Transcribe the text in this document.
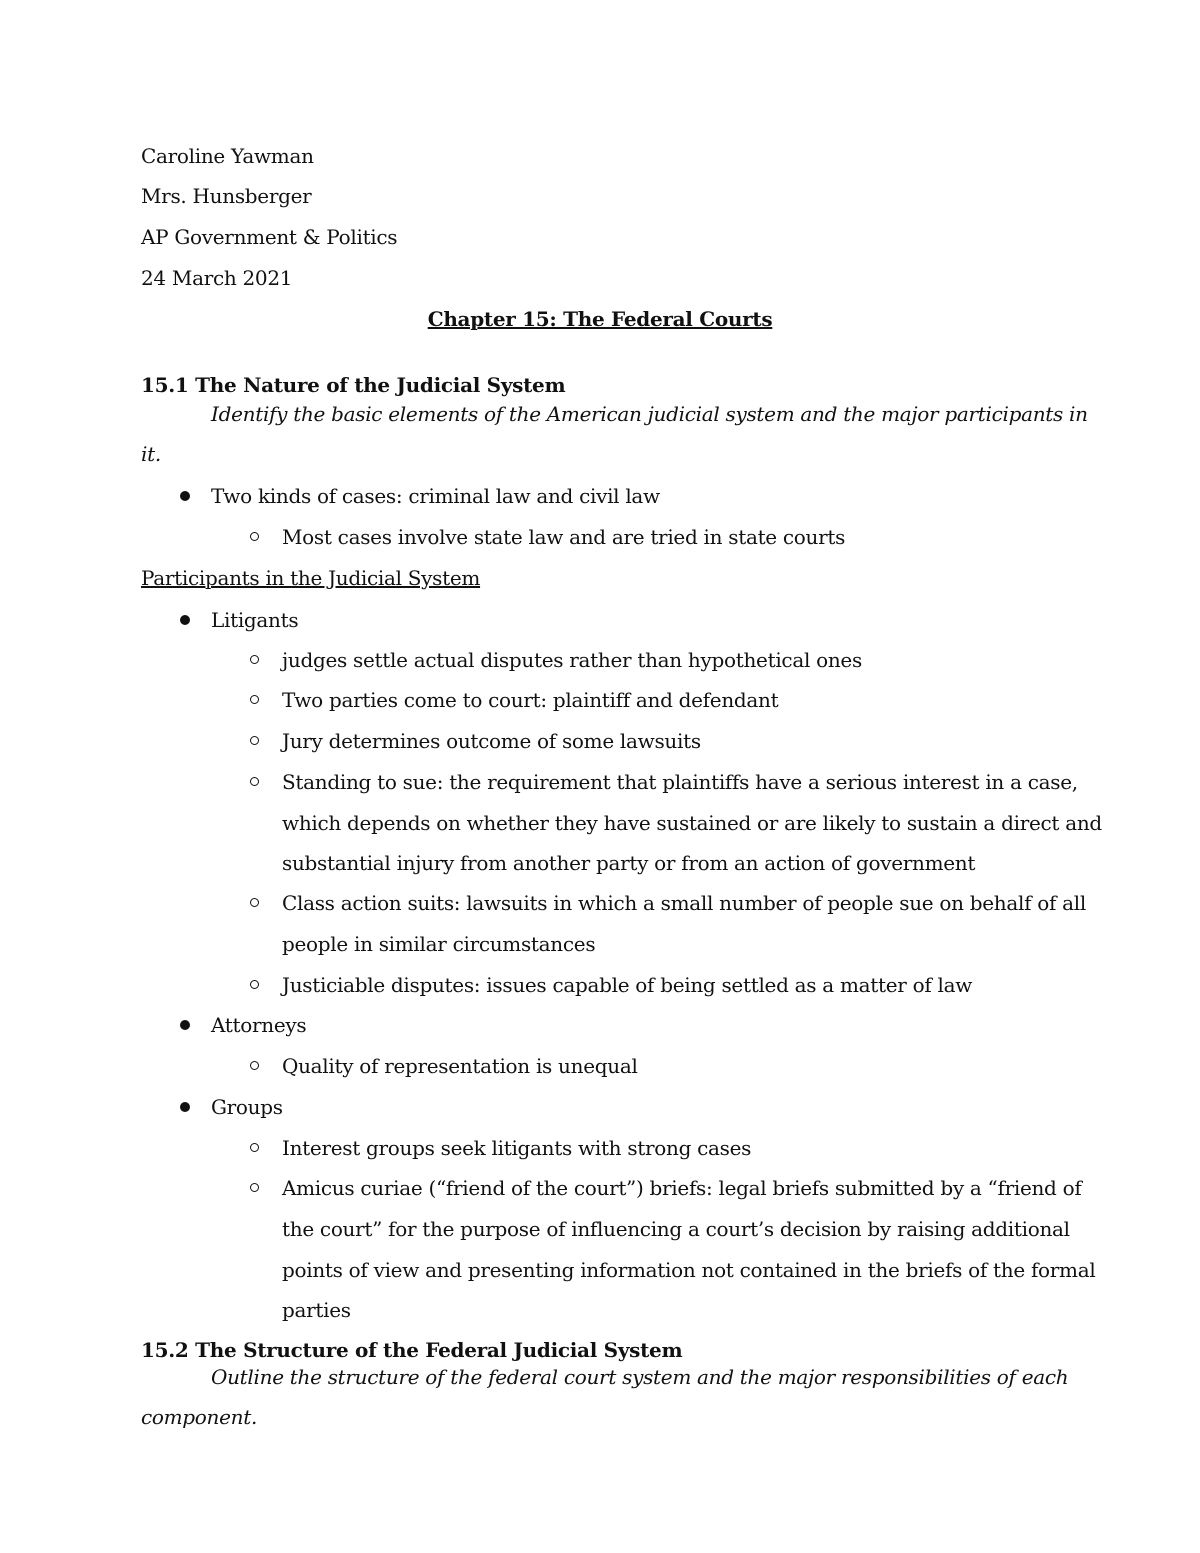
Caroline Yawman
Mrs. Hunsberger
AP Government & Politics
24 March 2021
Chapter 15: The Federal Courts
15.1 The Nature of the Judicial System
Identify the basic elements of the American judicial system and the major participants in
it.
Two kinds of cases: criminal law and civil law
Most cases involve state law and are tried in state courts
Participants in the Judicial System
Litigants
judges settle actual disputes rather than hypothetical ones
Two parties come to court: plaintiff and defendant
Jury determines outcome of some lawsuits
Standing to sue: the requirement that plaintiffs have a serious interest in a case,
which depends on whether they have sustained or are likely to sustain a direct and
substantial injury from another party or from an action of government
Class action suits: lawsuits in which a small number of people sue on behalf of all
people in similar circumstances
Justiciable disputes: issues capable of being settled as a matter of law
Attorneys
Quality of representation is unequal
Groups
Interest groups seek litigants with strong cases
Amicus curiae (“friend of the court”) briefs: legal briefs submitted by a “friend of
the court” for the purpose of influencing a court’s decision by raising additional
points of view and presenting information not contained in the briefs of the formal
parties
15.2 The Structure of the Federal Judicial System
Outline the structure of the federal court system and the major responsibilities of each
component.
